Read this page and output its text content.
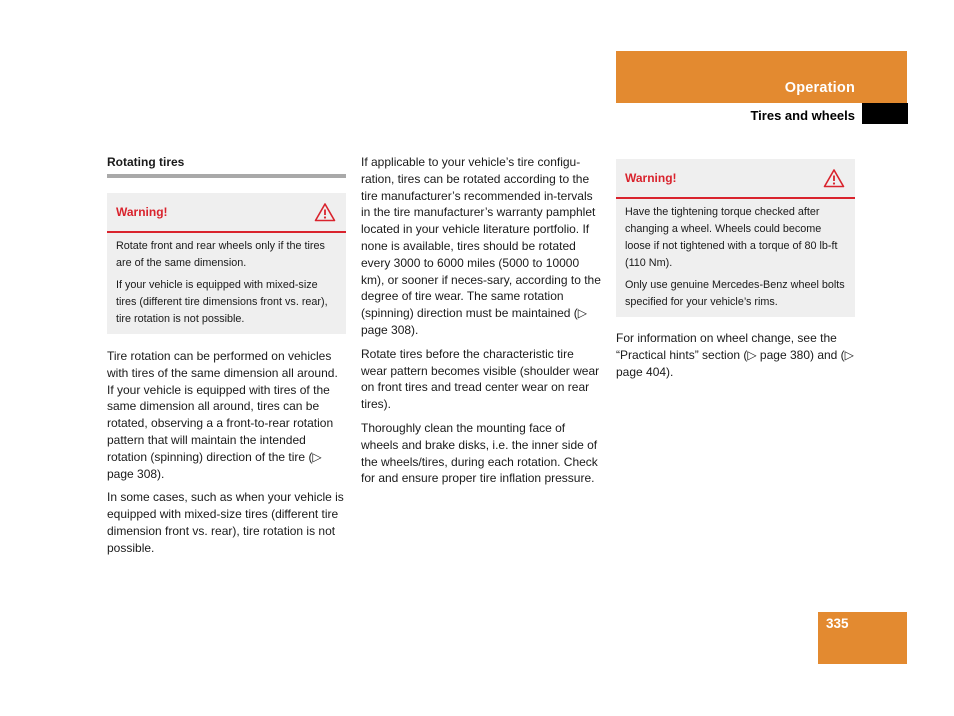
Operation
Tires and wheels
Rotating tires
Warning!

Rotate front and rear wheels only if the tires are of the same dimension.

If your vehicle is equipped with mixed-size tires (different tire dimensions front vs. rear), tire rotation is not possible.

Tire rotation can be performed on vehicles with tires of the same dimension all around. If your vehicle is equipped with tires of the same dimension all around, tires can be rotated, observing a a front-to-rear rotation pattern that will maintain the intended rotation (spinning) direction of the tire (▷ page 308).

In some cases, such as when your vehicle is equipped with mixed-size tires (different tire dimension front vs. rear), tire rotation is not possible.

If applicable to your vehicle’s tire configu-ration, tires can be rotated according to the tire manufacturer’s recommended in-tervals in the tire manufacturer’s warranty pamphlet located in your vehicle literature portfolio. If none is available, tires should be rotated every 3000 to 6000 miles (5000 to 10000 km), or sooner if neces-sary, according to the degree of tire wear. The same rotation (spinning) direction must be maintained (▷ page 308).

Rotate tires before the characteristic tire wear pattern becomes visible (shoulder wear on front tires and tread center wear on rear tires).

Thoroughly clean the mounting face of wheels and brake disks, i.e. the inner side of the wheels/tires, during each rotation. Check for and ensure proper tire inflation pressure.

Warning!

Have the tightening torque checked after changing a wheel. Wheels could become loose if not tightened with a torque of 80 lb-ft (110 Nm).

Only use genuine Mercedes-Benz wheel bolts specified for your vehicle’s rims.

For information on wheel change, see the “Practical hints” section (▷ page 380) and (▷ page 404).

335
